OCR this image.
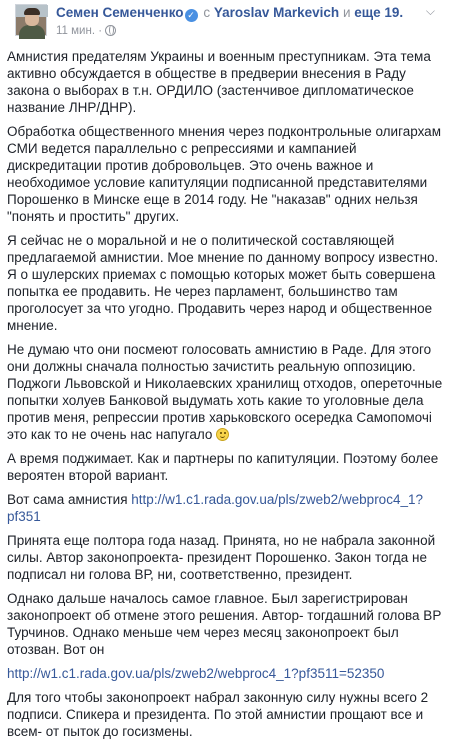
Семен Семенченко ✓ с Yaroslav Markevich и еще 19. ⌵
11 мин. ·

Амнистия предателям Украины и военным преступникам. Эта тема активно обсуждается в обществе в предверии внесения в Раду закона о выборах в т.н. ОРДИЛО (застенчивое дипломатическое название ЛНР/ДНР).

Обработка общественного мнения через подконтрольные олигархам СМИ ведется параллельно с репрессиями и кампанией дискредитации против добровольцев. Это очень важное и необходимое условие капитуляции подписанной представителями Порошенко в Минске еще в 2014 году. Не "наказав" одних нельзя "понять и простить" других.

Я сейчас не о моральной и не о политической составляющей предлагаемой амнистии. Мое мнение по данному вопросу известно. Я о шулерских приемах с помощью которых может быть совершена попытка ее продавить. Не через парламент, большинство там проголосует за что угодно. Продавить через народ и общественное мнение.

Не думаю что они посмеют голосовать амнистию в Раде. Для этого они должны сначала полностью зачистить реальную оппозицию. Поджоги Львовской и Николаевских хранилищ отходов, опереточные попытки холуев Банковой выдумать хоть какие то уголовные дела против меня, репрессии против харьковского осередка Самопомочі это как то не очень нас напугало

А время поджимает. Как и партнеры по капитуляции. Поэтому более вероятен второй вариант.

Вот сама амнистия http://w1.c1.rada.gov.ua/pls/zweb2/webproc4_1?pf351

Принята еще полтора года назад. Принята, но не набрала законной силы. Автор законопроекта- президент Порошенко. Закон тогда не подписал ни голова ВР, ни, соответственно, президент.

Однако дальше началось самое главное. Был зарегистрирован законопроект об отмене этого решения. Автор- тогдашний голова ВР Турчинов. Однако меньше чем через месяц законопроект был отозван. Вот он

http://w1.c1.rada.gov.ua/pls/zweb2/webproc4_1?pf3511=52350

Для того чтобы законопроект набрал законную силу нужны всего 2 подписи. Спикера и президента. По этой амнистии прощают все и всем- от пыток до госизмены.
